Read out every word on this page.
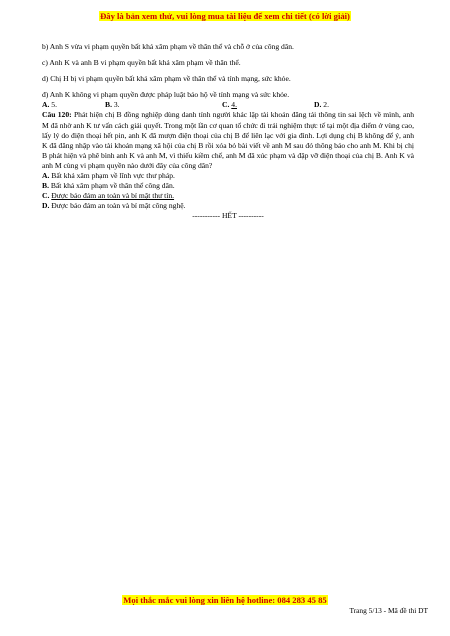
Đây là bản xem thử, vui lòng mua tài liệu để xem chi tiết (có lời giải)
b) Anh S vừa vi phạm quyền bất khả xâm phạm về thân thể và chỗ ở của công dân.
c) Anh K và anh B vi phạm quyền bất khả xâm phạm về thân thể.
d) Chị H bị vi phạm quyền bất khả xâm phạm về thân thể và tính mạng, sức khỏe.
đ) Anh K không vi phạm quyền được pháp luật bảo hộ về tính mạng và sức khỏe.
A. 5.	B. 3.	C. 4.	D. 2.
Câu 120: Phát hiện chị B đồng nghiệp dùng danh tính người khác lập tài khoản đăng tải thông tin sai lệch về mình, anh M đã nhờ anh K tư vấn cách giải quyết. Trong một lần cơ quan tổ chức đi trải nghiệm thực tế tại một địa điểm ở vùng cao, lấy lý do điện thoại hết pin, anh K đã mượn điện thoại của chị B để liên lạc với gia đình. Lợi dụng chị B không để ý, anh K đã đăng nhập vào tài khoản mạng xã hội của chị B rồi xóa bỏ bài viết về anh M sau đó thông báo cho anh M. Khi bị chị B phát hiện và phê bình anh K và anh M, vì thiếu kiềm chế, anh M đã xúc phạm và đập vỡ điện thoại của chị B. Anh K và anh M cùng vi phạm quyền nào dưới đây của công dân?
A. Bất khả xâm phạm về lĩnh vực thư pháp.
B. Bất khả xâm phạm về thân thể công dân.
C. Được bảo đảm an toàn và bí mật thư tín.
D. Được bảo đảm an toàn và bí mật công nghệ.
----------- HẾT ----------
Mọi thắc mắc vui lòng xin liên hệ hotline: 084 283 45 85
Trang 5/13 - Mã đề thi DT
